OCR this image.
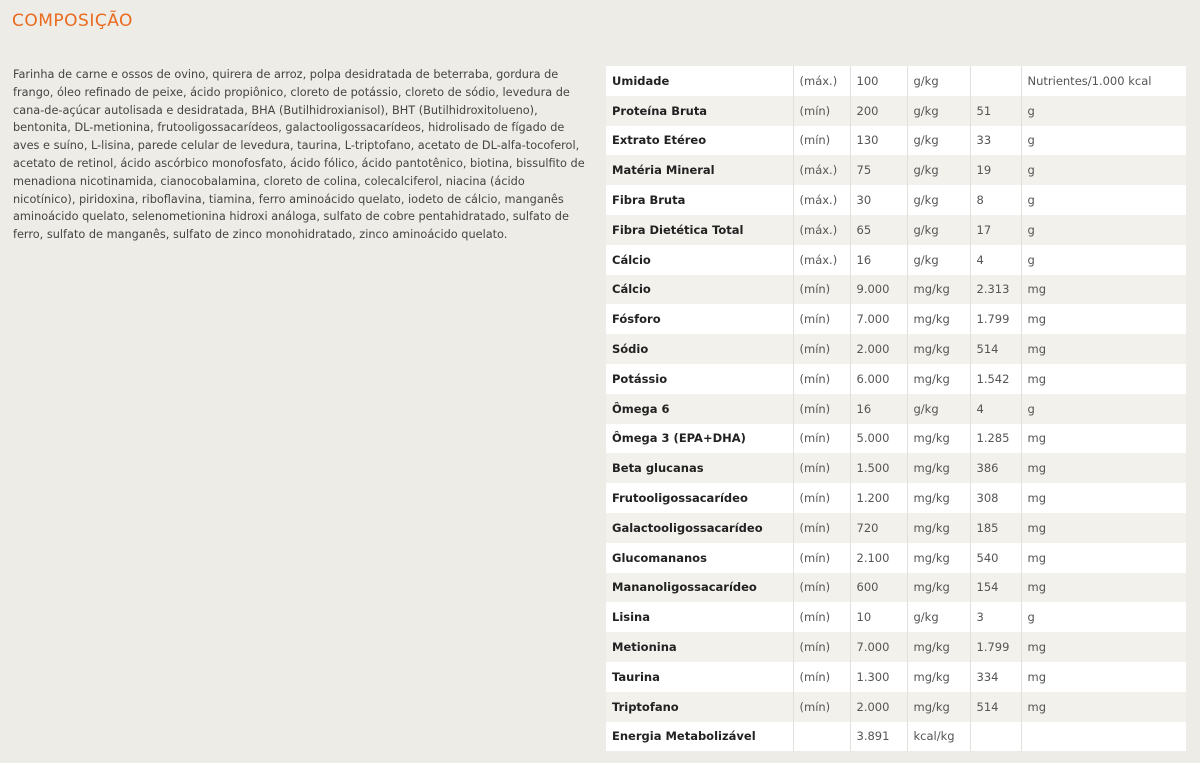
COMPOSIÇÃO

Farinha de carne e ossos de ovino, quirera de arroz, polpa desidratada de beterraba, gordura de frango, óleo refinado de peixe, ácido propiônico, cloreto de potássio, cloreto de sódio, levedura de cana-de-açúcar autolisada e desidratada, BHA (Butilhidroxianisol), BHT (Butilhidroxitolueno), bentonita, DL-metionina, frutooligossacarídeos, galactooligossacarídeos, hidrolisado de fígado de aves e suíno, L-lisina, parede celular de levedura, taurina, L-triptofano, acetato de DL-alfa-tocoferol, acetato de retinol, ácido ascórbico monofosfato, ácido fólico, ácido pantotênico, biotina, bissulfito de menadiona nicotinamida, cianocobalamina, cloreto de colina, colecalciferol, niacina (ácido nicotínico), piridoxina, riboflavina, tiamina, ferro aminoácido quelato, iodeto de cálcio, manganês aminoácido quelato, selenometionina hidroxi análoga, sulfato de cobre pentahidratado, sulfato de ferro, sulfato de manganês, sulfato de zinco monohidratado, zinco aminoácido quelato.

Umidade	(máx.)	100	g/kg		Nutrientes/1.000 kcal
Proteína Bruta	(mín)	200	g/kg	51	g
Extrato Etéreo	(mín)	130	g/kg	33	g
Matéria Mineral	(máx.)	75	g/kg	19	g
Fibra Bruta	(máx.)	30	g/kg	8	g
Fibra Dietética Total	(máx.)	65	g/kg	17	g
Cálcio	(máx.)	16	g/kg	4	g
Cálcio	(mín)	9.000	mg/kg	2.313	mg
Fósforo	(mín)	7.000	mg/kg	1.799	mg
Sódio	(mín)	2.000	mg/kg	514	mg
Potássio	(mín)	6.000	mg/kg	1.542	mg
Ômega 6	(mín)	16	g/kg	4	g
Ômega 3 (EPA+DHA)	(mín)	5.000	mg/kg	1.285	mg
Beta glucanas	(mín)	1.500	mg/kg	386	mg
Frutooligossacarídeo	(mín)	1.200	mg/kg	308	mg
Galactooligossacarídeo	(mín)	720	mg/kg	185	mg
Glucomananos	(mín)	2.100	mg/kg	540	mg
Mananoligossacarídeo	(mín)	600	mg/kg	154	mg
Lisina	(mín)	10	g/kg	3	g
Metionina	(mín)	7.000	mg/kg	1.799	mg
Taurina	(mín)	1.300	mg/kg	334	mg
Triptofano	(mín)	2.000	mg/kg	514	mg
Energia Metabolizável		3.891	kcal/kg		
